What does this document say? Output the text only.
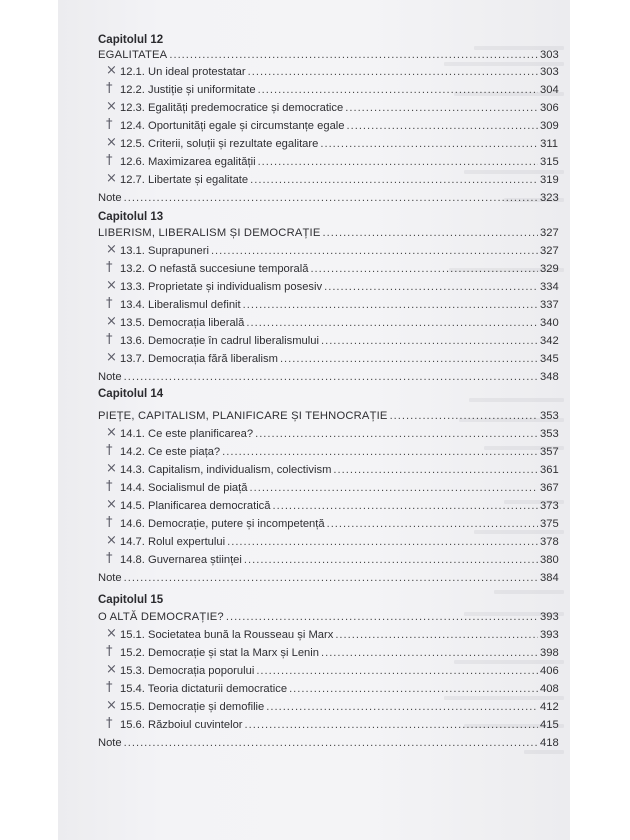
Capitolul 12
EGALITATEA .....	303
12.1. Un ideal protestatar .....	303
12.2. Justiție și uniformitate .....	304
12.3. Egalități predemocratice și democratice .....	306
12.4. Oportunități egale și circumstanțe egale .....	309
12.5. Criterii, soluții și rezultate egalitare .....	311
12.6. Maximizarea egalității .....	315
12.7. Libertate și egalitate .....	319
Note .....	323
×
†
×
†
×
†
×
Capitolul 13
LIBERISM, LIBERALISM ȘI DEMOCRAȚIE .....	327
13.1. Suprapuneri .....	327
13.2. O nefastă succesiune temporală .....	329
13.3. Proprietate și individualism posesiv .....	334
13.4. Liberalismul definit .....	337
13.5. Democrația liberală .....	340
13.6. Democrație în cadrul liberalismului .....	342
13.7. Democrația fără liberalism .....	345
Note .....	348
×
†
×
†
×
†
×
Capitolul 14
PIEȚE, CAPITALISM, PLANIFICARE ȘI TEHNOCRAȚIE .....	353
14.1. Ce este planificarea? .....	353
14.2. Ce este piața? .....	357
14.3. Capitalism, individualism, colectivism .....	361
14.4. Socialismul de piață .....	367
14.5. Planificarea democratică .....	373
14.6. Democrație, putere și incompetență .....	375
14.7. Rolul expertului .....	378
14.8. Guvernarea științei .....	380
Note .....	384
×
†
×
†
×
†
×
†
Capitolul 15
O ALTĂ DEMOCRAȚIE? .....	393
15.1. Societatea bună la Rousseau și Marx .....	393
15.2. Democrație și stat la Marx și Lenin .....	398
15.3. Democrația poporului .....	406
15.4. Teoria dictaturii democratice .....	408
15.5. Democrație și demofilie .....	412
15.6. Războiul cuvintelor .....	415
Note .....	418
×
†
×
†
×
†
